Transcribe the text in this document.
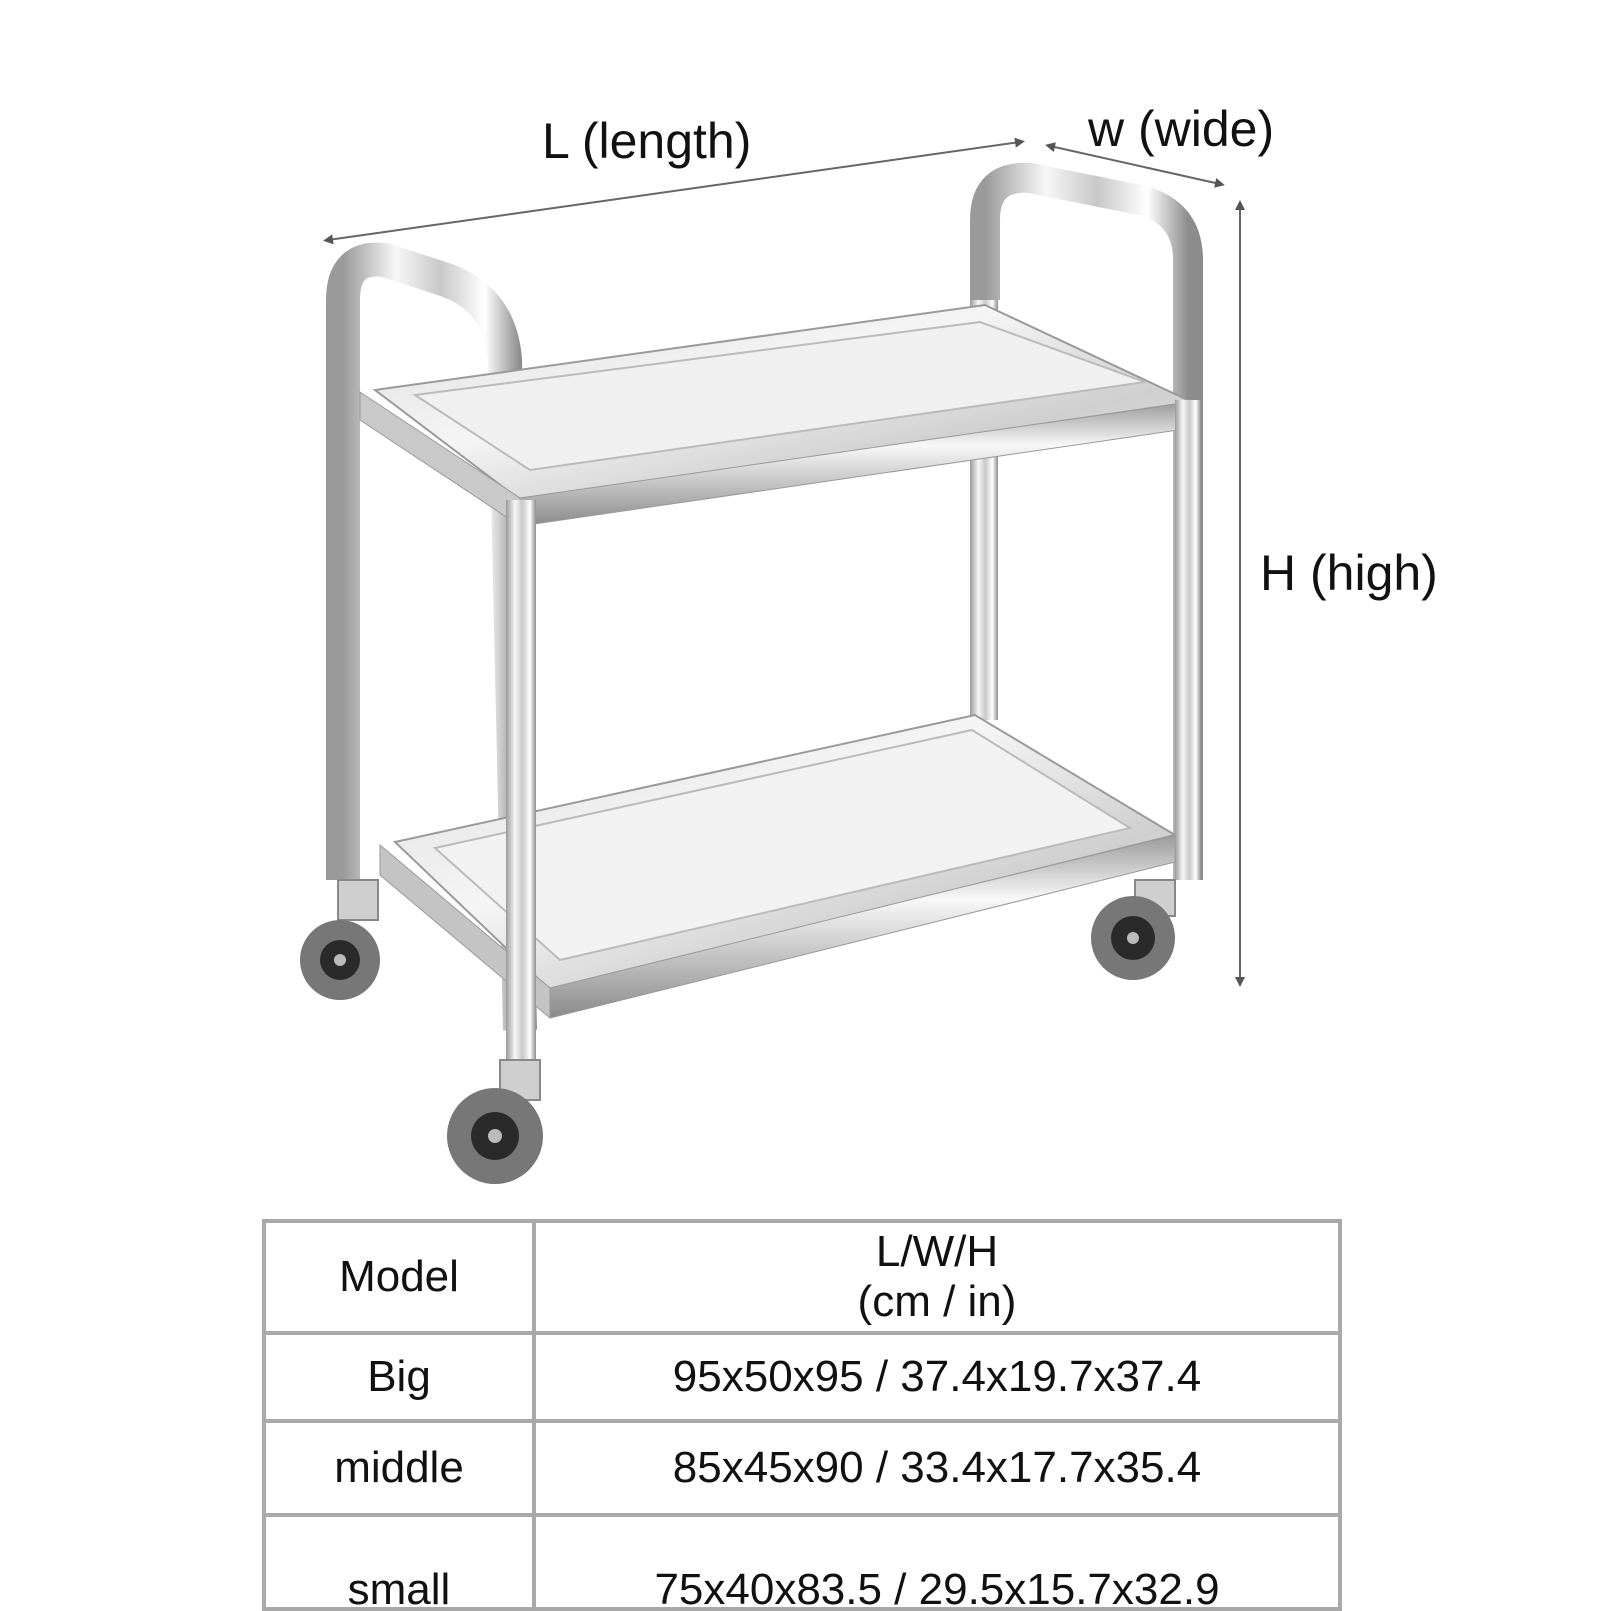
L (length)	w (wide)
H (high)
Model	L/W/H
(cm / in)

Big	95x50x95 / 37.4x19.7x37.4
middle	85x45x90 / 33.4x17.7x35.4
small	75x40x83.5 / 29.5x15.7x32.9
